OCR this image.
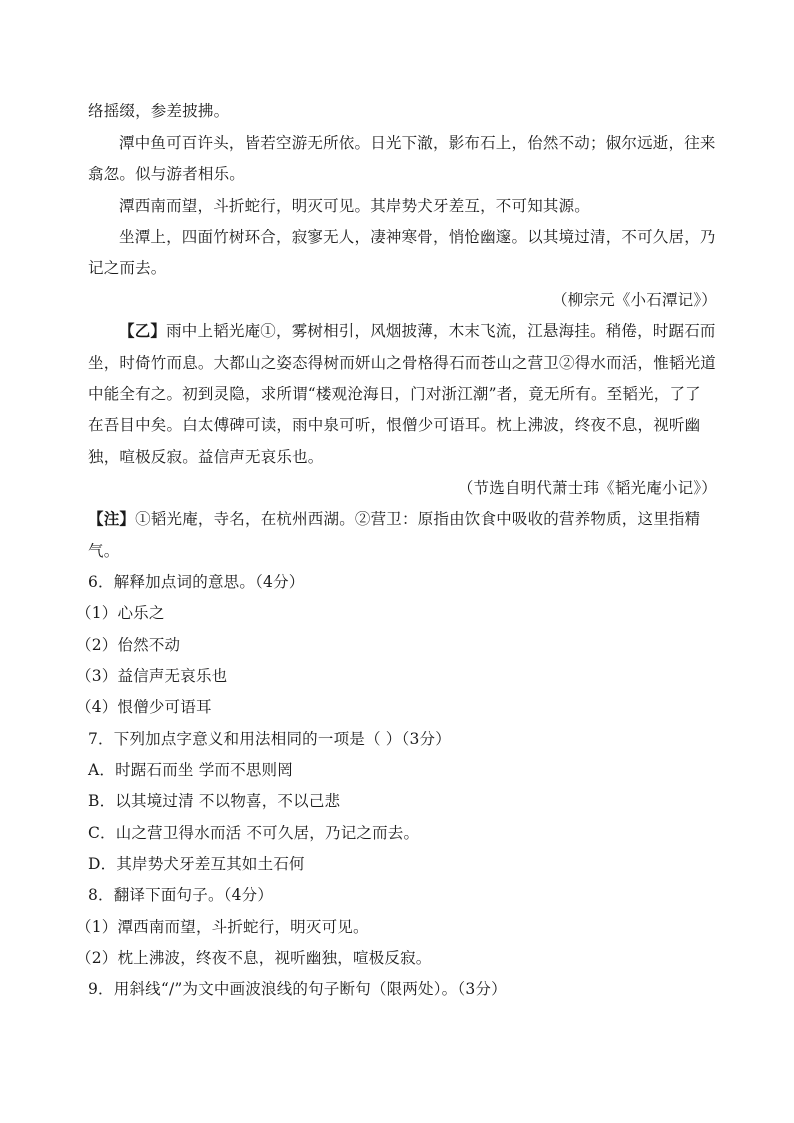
络摇缀，参差披拂。
潭中鱼可百许头，皆若空游无所依。日光下澈，影布石上，佁然不动；俶尔远逝，往来
翕忽。似与游者相乐。
潭西南而望，斗折蛇行，明灭可见。其岸势犬牙差互，不可知其源。
坐潭上，四面竹树环合，寂寥无人，凄神寒骨，悄怆幽邃。以其境过清，不可久居，乃
记之而去。
（柳宗元《小石潭记》）
【乙】雨中上韬光庵①，雾树相引，风烟披薄，木末飞流，江悬海挂。稍倦，时踞石而
坐，时倚竹而息。大都山之姿态得树而妍山之骨格得石而苍山之营卫②得水而活，惟韬光道
中能全有之。初到灵隐，求所谓“楼观沧海日，门对浙江潮”者，竟无所有。至韬光，了了
在吾目中矣。白太傅碑可读，雨中泉可听，恨僧少可语耳。枕上沸波，终夜不息，视听幽
独，喧极反寂。益信声无哀乐也。
（节选自明代萧士玮《韬光庵小记》）
【注】①韬光庵，寺名，在杭州西湖。②营卫：原指由饮食中吸收的营养物质，这里指精
气。
6．解释加点词的意思。（4分）
（1）心乐之
（2）佁然不动
（3）益信声无哀乐也
（4）恨僧少可语耳
7．下列加点字意义和用法相同的一项是（ ）（3分）
A．时踞石而坐 学而不思则罔
B．以其境过清 不以物喜，不以己悲
C．山之营卫得水而活 不可久居，乃记之而去。
D．其岸势犬牙差互其如土石何
8．翻译下面句子。（4分）
（1）潭西南而望，斗折蛇行，明灭可见。
（2）枕上沸波，终夜不息，视听幽独，喧极反寂。
9．用斜线“/”为文中画波浪线的句子断句（限两处）。（3分）
